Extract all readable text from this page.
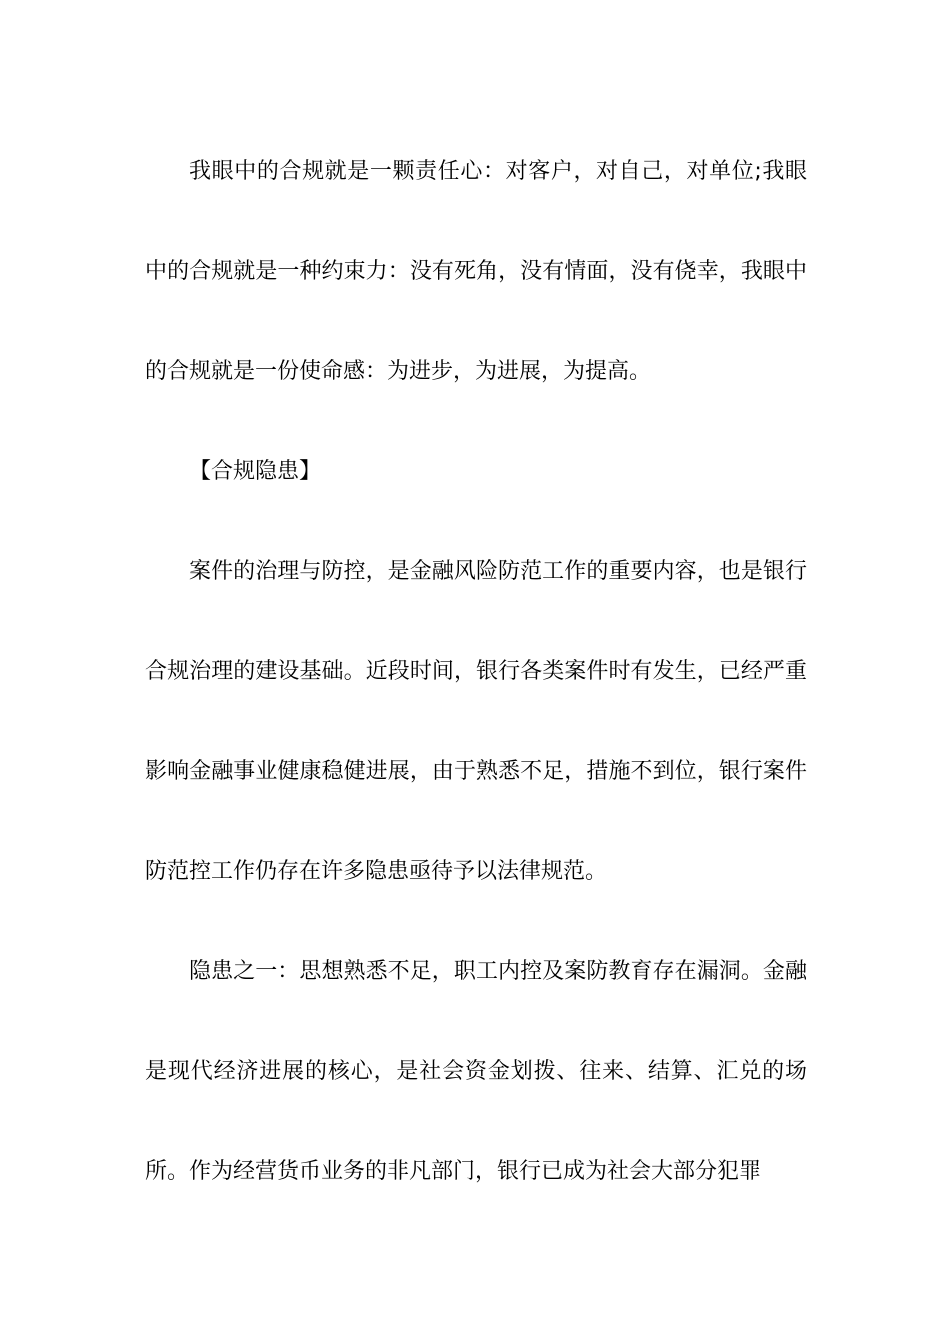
我眼中的合规就是一颗责任心：对客户，对自己，对单位;我眼中的合规就是一种约束力：没有死角，没有情面，没有侥幸，我眼中的合规就是一份使命感：为进步，为进展，为提高。

【合规隐患】

案件的治理与防控，是金融风险防范工作的重要内容，也是银行合规治理的建设基础。近段时间，银行各类案件时有发生，已经严重影响金融事业健康稳健进展，由于熟悉不足，措施不到位，银行案件防范控工作仍存在许多隐患亟待予以法律规范。

隐患之一：思想熟悉不足，职工内控及案防教育存在漏洞。金融是现代经济进展的核心，是社会资金划拨、往来、结算、汇兑的场所。作为经营货币业务的非凡部门，银行已成为社会大部分犯罪
